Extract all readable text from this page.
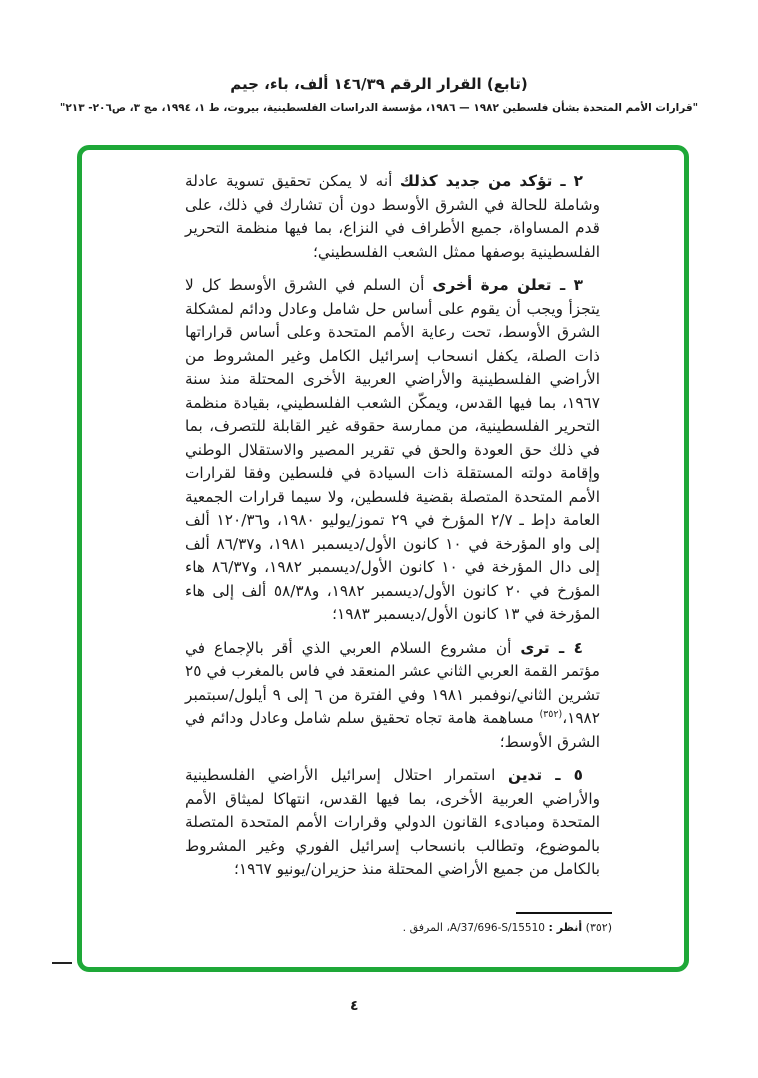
(تابع) القرار الرقم ١٤٦/٣٩ ألف، باء، جيم
"قرارات الأمم المتحدة بشأن فلسطين ١٩٨٢ — ١٩٨٦، مؤسسة الدراسات الفلسطينية، بيروت، ط ١، ١٩٩٤، مج ٣، ص٢٠٦- ٢١٣"

٢ ـ تؤكد من جديد كذلك أنه لا يمكن تحقيق تسوية عادلة وشاملة للحالة في الشرق الأوسط دون أن تشارك في ذلك، على قدم المساواة، جميع الأطراف في النزاع، بما فيها منظمة التحرير الفلسطينية بوصفها ممثل الشعب الفلسطيني؛

٣ ـ تعلن مرة أخرى أن السلم في الشرق الأوسط كل لا يتجزأ ويجب أن يقوم على أساس حل شامل وعادل ودائم لمشكلة الشرق الأوسط، تحت رعاية الأمم المتحدة وعلى أساس قراراتها ذات الصلة، يكفل انسحاب إسرائيل الكامل وغير المشروط من الأراضي الفلسطينية والأراضي العربية الأخرى المحتلة منذ سنة ١٩٦٧، بما فيها القدس، ويمكّن الشعب الفلسطيني، بقيادة منظمة التحرير الفلسطينية، من ممارسة حقوقه غير القابلة للتصرف، بما في ذلك حق العودة والحق في تقرير المصير والاستقلال الوطني وإقامة دولته المستقلة ذات السيادة في فلسطين وفقا لقرارات الأمم المتحدة المتصلة بقضية فلسطين، ولا سيما قرارات الجمعية العامة دإط ـ ٢/٧ المؤرخ في ٢٩ تموز/يوليو ١٩٨٠، و١٢٠/٣٦ ألف إلى واو المؤرخة في ١٠ كانون الأول/ديسمبر ١٩٨١، و٨٦/٣٧ ألف إلى دال المؤرخة في ١٠ كانون الأول/ديسمبر ١٩٨٢، و٨٦/٣٧ هاء المؤرخ في ٢٠ كانون الأول/ديسمبر ١٩٨٢، و٥٨/٣٨ ألف إلى هاء المؤرخة في ١٣ كانون الأول/ديسمبر ١٩٨٣؛

٤ ـ ترى أن مشروع السلام العربي الذي أقر بالإجماع في مؤتمر القمة العربي الثاني عشر المنعقد في فاس بالمغرب في ٢٥ تشرين الثاني/نوفمبر ١٩٨١ وفي الفترة من ٦ إلى ٩ أيلول/سبتمبر ١٩٨٢،$^{(٣٥٢)}$ مساهمة هامة تجاه تحقيق سلم شامل وعادل ودائم في الشرق الأوسط؛

٥ ـ تدين استمرار احتلال إسرائيل الأراضي الفلسطينية والأراضي العربية الأخرى، بما فيها القدس، انتهاكا لميثاق الأمم المتحدة ومبادىء القانون الدولي وقرارات الأمم المتحدة المتصلة بالموضوع، وتطالب بانسحاب إسرائيل الفوري وغير المشروط بالكامل من جميع الأراضي المحتلة منذ حزيران/يونيو ١٩٦٧؛

(٣٥٢) أنظر : A/37/696-S/15510، المرفق .
٤
